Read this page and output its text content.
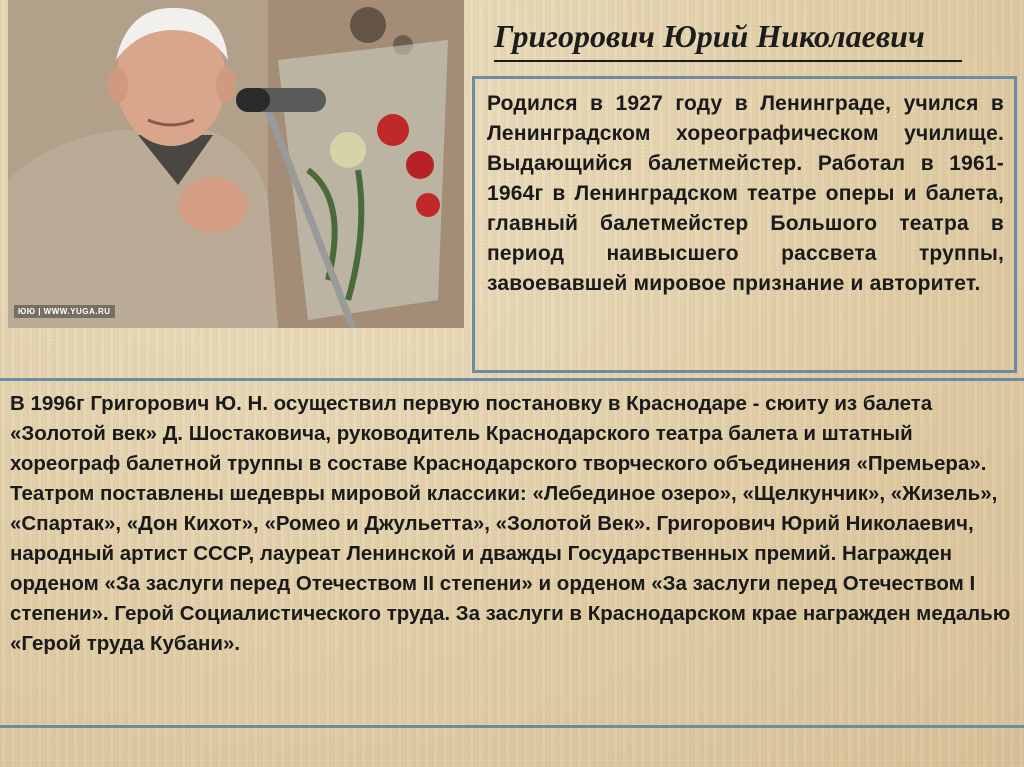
ЮЮ | WWW.YUGA.RU
Григорович Юрий Николаевич
Родился в 1927 году в Ленинграде, учился в Ленинградском хореографическом училище. Выдающийся балетмейстер. Работал в 1961-1964г в Ленинградском театре оперы и балета, главный балетмейстер Большого театра в период наивысшего рассвета труппы, завоевавшей мировое признание и авторитет.
В 1996г Григорович Ю. Н. осуществил первую постановку в Краснодаре - сюиту из балета «Золотой век» Д. Шостаковича, руководитель Краснодарского театра балета и штатный хореограф балетной труппы в составе Краснодарского творческого объединения «Премьера». Театром поставлены шедевры мировой классики: «Лебединое озеро», «Щелкунчик», «Жизель», «Спартак», «Дон Кихот», «Ромео и Джульетта», «Золотой Век». Григорович Юрий Николаевич, народный артист СССР, лауреат Ленинской и дважды Государственных премий. Награжден орденом «За заслуги перед Отечеством II степени» и орденом «За заслуги перед Отечеством I степени». Герой Социалистического труда. За заслуги в Краснодарском крае награжден медалью «Герой труда Кубани».
